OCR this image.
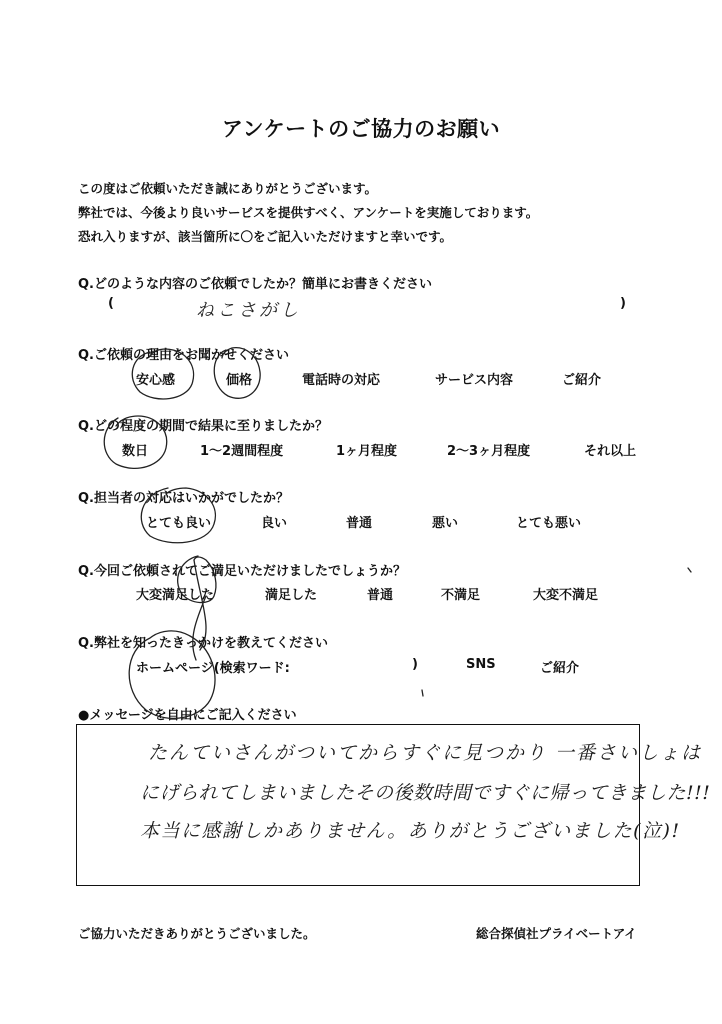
アンケートのご協力のお願い
この度はご依頼いただき誠にありがとうございます。
弊社では、今後より良いサービスを提供すべく、アンケートを実施しております。
恐れ入りますが、該当箇所に〇をご記入いただけますと幸いです。
Q.どのような内容のご依頼でしたか？簡単にお書きください
(	ねこさがし	)
Q.ご依頼の理由をお聞かせください
安心感	価格	電話時の対応	サービス内容	ご紹介
Q.どの程度の期間で結果に至りましたか？
数日	1～2週間程度	1ヶ月程度	2～3ヶ月程度	それ以上
Q.担当者の対応はいかがでしたか？
とても良い	良い	普通	悪い	とても悪い
Q.今回ご依頼されてご満足いただけましたでしょうか？
大変満足した	満足した	普通	不満足	大変不満足
Q.弊社を知ったきっかけを教えてください
ホームページ(検索ワード:	)	SNS	ご紹介
●メッセージを自由にご記入ください
たんていさんがついてからすぐに見つかり 一番さいしょは
にげられてしまいましたその後数時間ですぐに帰ってきました!!!
本当に感謝しかありません。ありがとうございました(泣)!
ご協力いただきありがとうございました。	総合探偵社プライベートアイ
